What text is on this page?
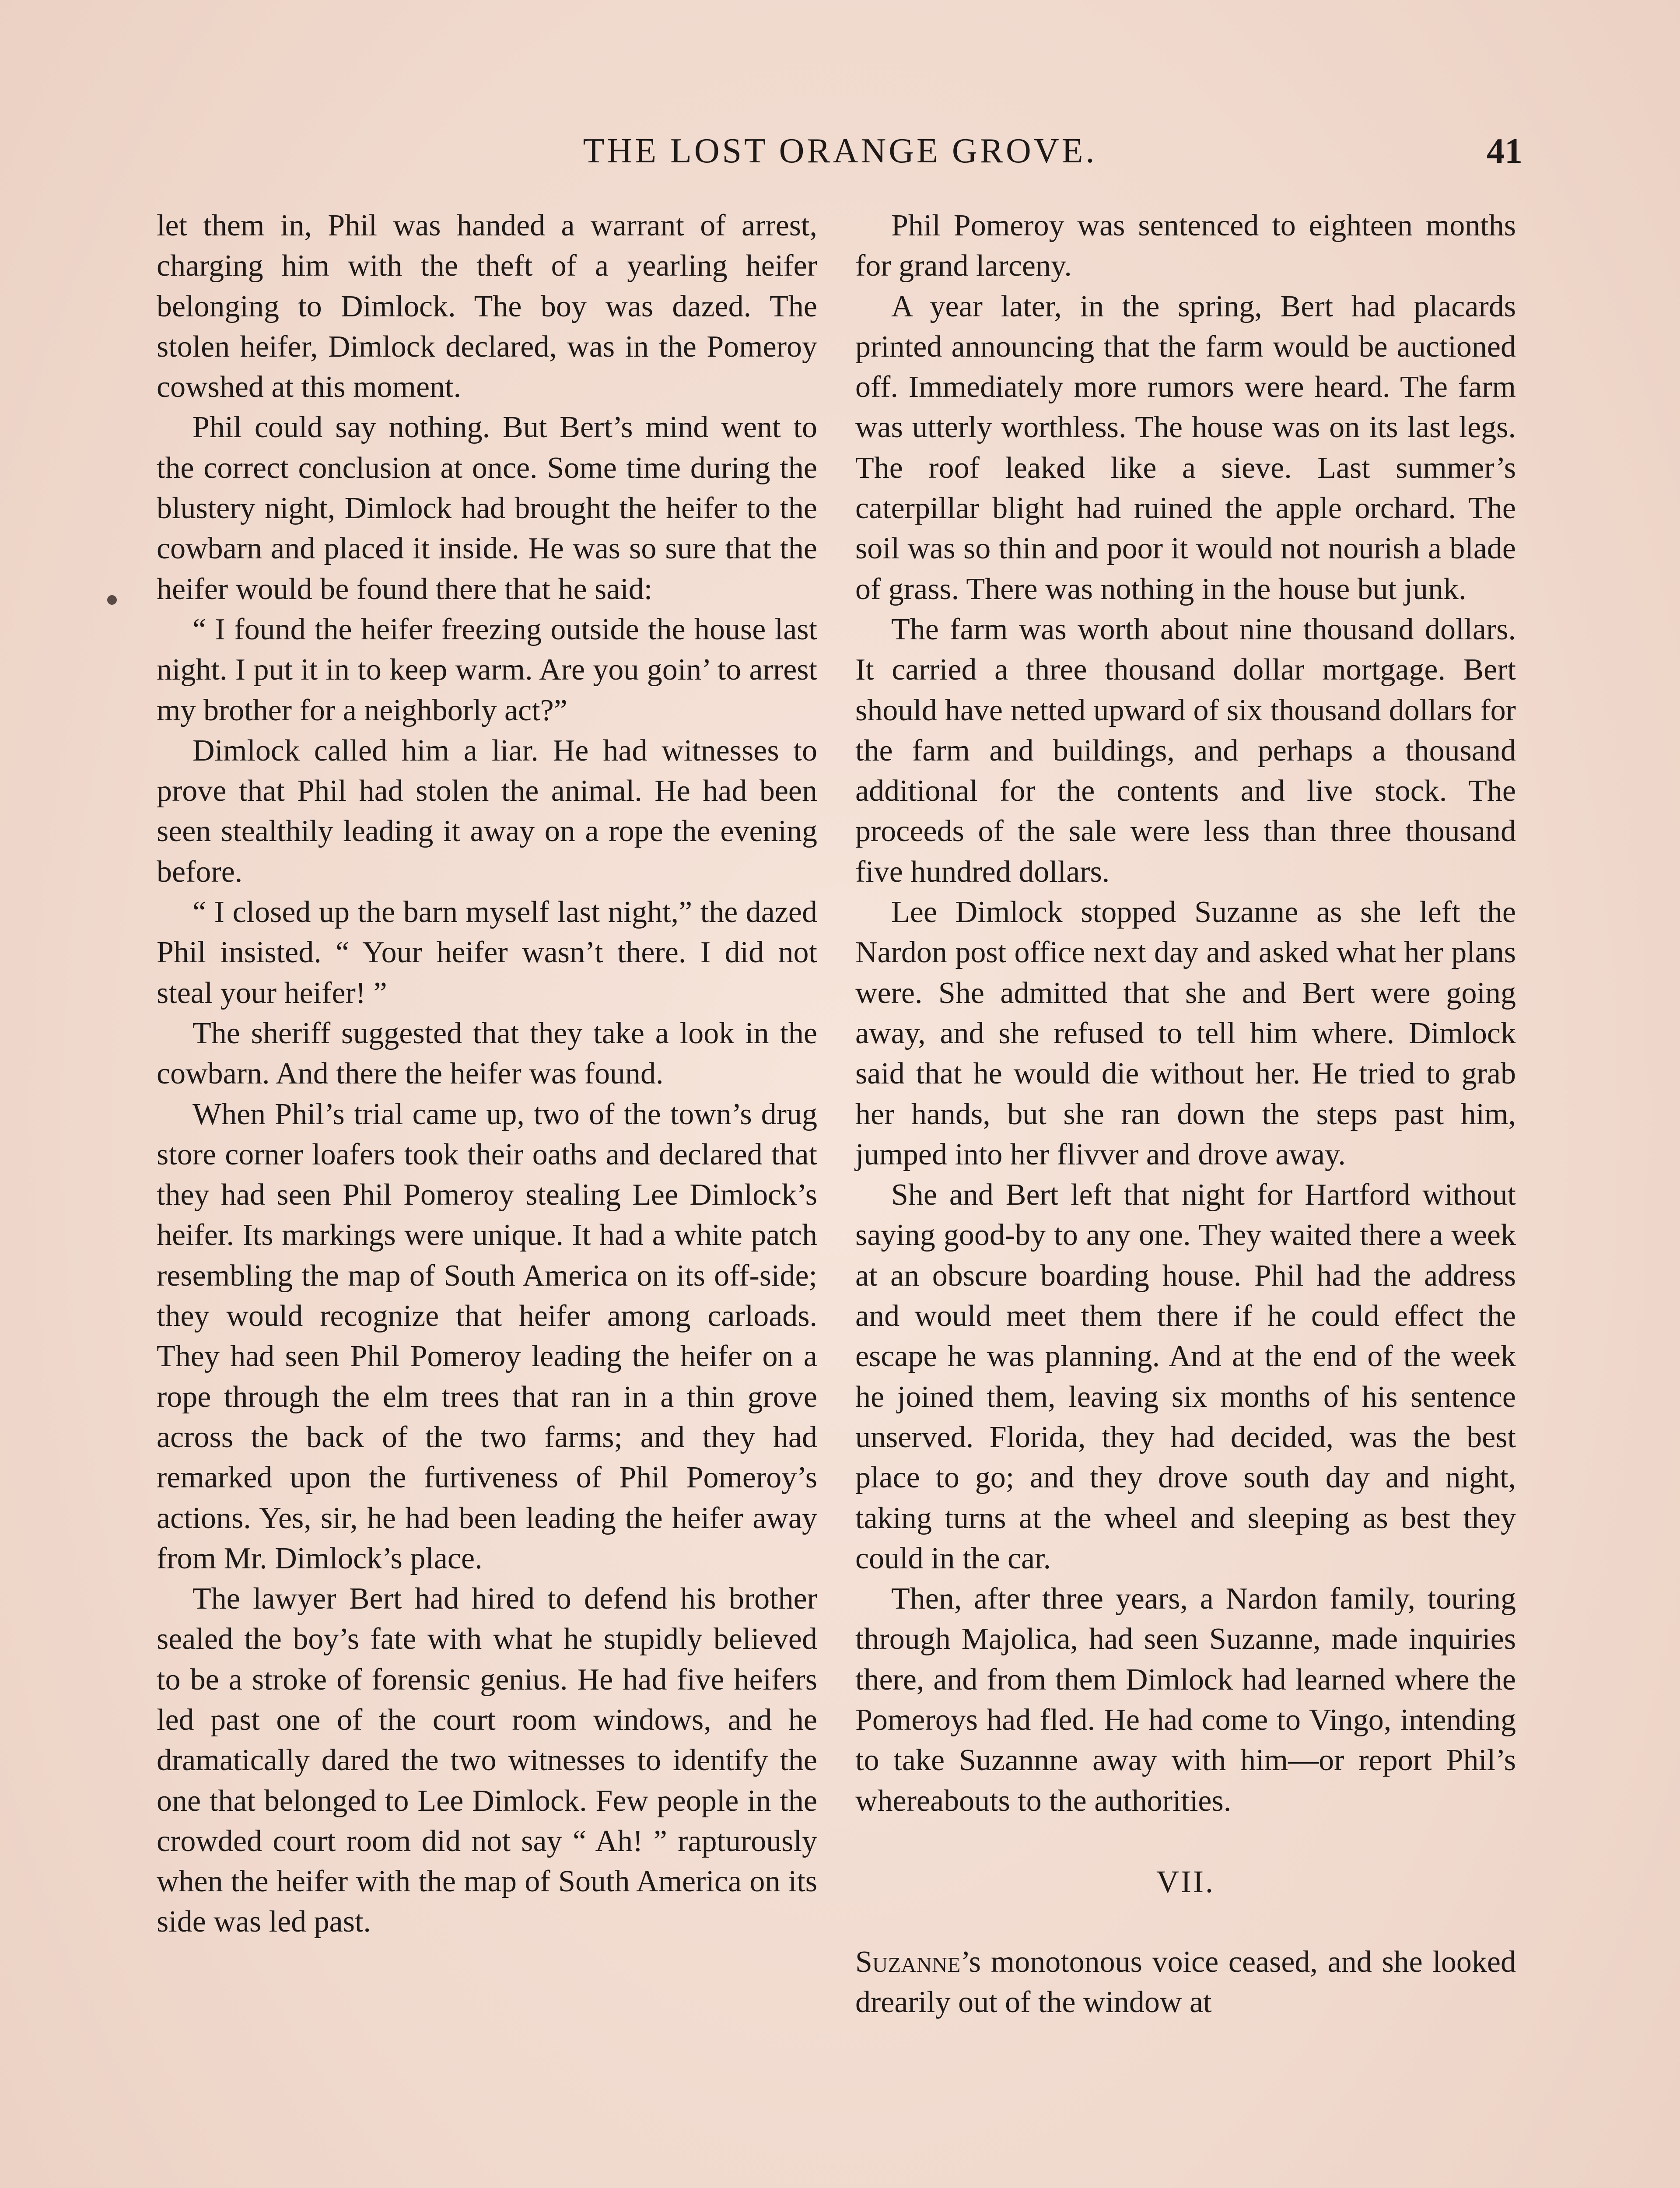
THE LOST ORANGE GROVE.	41

let them in, Phil was handed a warrant of arrest, charging him with the theft of a yearling heifer belonging to Dimlock. The boy was dazed. The stolen heifer, Dimlock declared, was in the Pomeroy cowshed at this moment.

Phil could say nothing. But Bert’s mind went to the correct conclusion at once. Some time during the blustery night, Dimlock had brought the heifer to the cowbarn and placed it inside. He was so sure that the heifer would be found there that he said:

“ I found the heifer freezing outside the house last night. I put it in to keep warm. Are you goin’ to arrest my brother for a neighborly act?”

Dimlock called him a liar. He had witnesses to prove that Phil had stolen the animal. He had been seen stealthily leading it away on a rope the evening before.

“ I closed up the barn myself last night,” the dazed Phil insisted. “ Your heifer wasn’t there. I did not steal your heifer! ”

The sheriff suggested that they take a look in the cowbarn. And there the heifer was found.

When Phil’s trial came up, two of the town’s drug store corner loafers took their oaths and declared that they had seen Phil Pomeroy stealing Lee Dimlock’s heifer. Its markings were unique. It had a white patch resembling the map of South America on its off-side; they would recognize that heifer among carloads. They had seen Phil Pomeroy leading the heifer on a rope through the elm trees that ran in a thin grove across the back of the two farms; and they had remarked upon the furtiveness of Phil Pomeroy’s actions. Yes, sir, he had been leading the heifer away from Mr. Dimlock’s place.

The lawyer Bert had hired to defend his brother sealed the boy’s fate with what he stupidly believed to be a stroke of forensic genius. He had five heifers led past one of the court room windows, and he dramatically dared the two witnesses to identify the one that belonged to Lee Dimlock. Few people in the crowded court room did not say “ Ah! ” rapturously when the heifer with the map of South America on its side was led past.

Phil Pomeroy was sentenced to eighteen months for grand larceny.

A year later, in the spring, Bert had placards printed announcing that the farm would be auctioned off. Immediately more rumors were heard. The farm was utterly worthless. The house was on its last legs. The roof leaked like a sieve. Last summer’s caterpillar blight had ruined the apple orchard. The soil was so thin and poor it would not nourish a blade of grass. There was nothing in the house but junk.

The farm was worth about nine thousand dollars. It carried a three thousand dollar mortgage. Bert should have netted upward of six thousand dollars for the farm and buildings, and perhaps a thousand additional for the contents and live stock. The proceeds of the sale were less than three thousand five hundred dollars.

Lee Dimlock stopped Suzanne as she left the Nardon post office next day and asked what her plans were. She admitted that she and Bert were going away, and she refused to tell him where. Dimlock said that he would die without her. He tried to grab her hands, but she ran down the steps past him, jumped into her flivver and drove away.

She and Bert left that night for Hartford without saying good-by to any one. They waited there a week at an obscure boarding house. Phil had the address and would meet them there if he could effect the escape he was planning. And at the end of the week he joined them, leaving six months of his sentence unserved. Florida, they had decided, was the best place to go; and they drove south day and night, taking turns at the wheel and sleeping as best they could in the car.

Then, after three years, a Nardon family, touring through Majolica, had seen Suzanne, made inquiries there, and from them Dimlock had learned where the Pomeroys had fled. He had come to Vingo, intending to take Suzannne away with him—or report Phil’s whereabouts to the authorities.

VII.

Suzanne’s monotonous voice ceased, and she looked drearily out of the window at
